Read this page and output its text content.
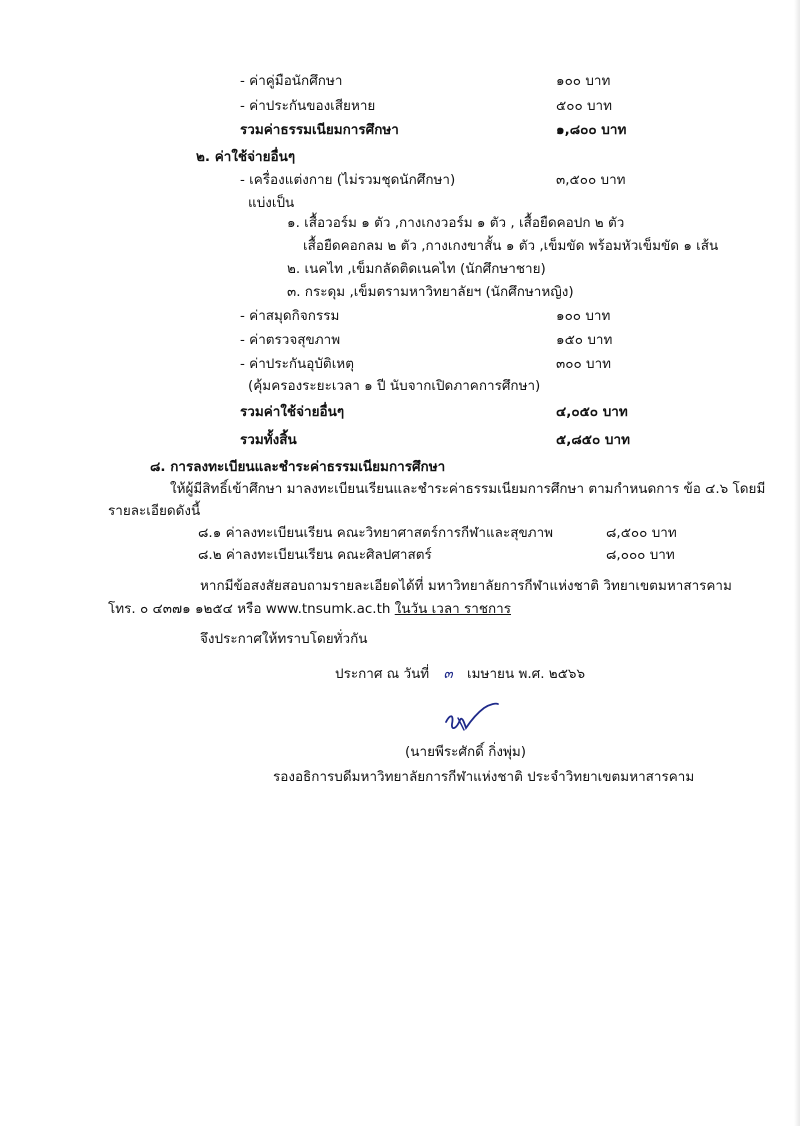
- ค่าคู่มือนักศึกษา	๑๐๐ บาท
- ค่าประกันของเสียหาย	๕๐๐ บาท
รวมค่าธรรมเนียมการศึกษา	๑,๘๐๐ บาท
๒. ค่าใช้จ่ายอื่นๆ
- เครื่องแต่งกาย (ไม่รวมชุดนักศึกษา)	๓,๕๐๐ บาท
แบ่งเป็น
๑. เสื้อวอร์ม ๑ ตัว ,กางเกงวอร์ม ๑ ตัว , เสื้อยืดคอปก ๒ ตัว
เสื้อยืดคอกลม ๒ ตัว ,กางเกงขาสั้น ๑ ตัว ,เข็มขัด พร้อมหัวเข็มขัด ๑ เส้น
๒. เนคไท ,เข็มกลัดติดเนคไท (นักศึกษาชาย)
๓. กระดุม ,เข็มตรามหาวิทยาลัยฯ (นักศึกษาหญิง)
- ค่าสมุดกิจกรรม	๑๐๐ บาท
- ค่าตรวจสุขภาพ	๑๕๐ บาท
- ค่าประกันอุบัติเหตุ	๓๐๐ บาท
(คุ้มครองระยะเวลา ๑ ปี นับจากเปิดภาคการศึกษา)
รวมค่าใช้จ่ายอื่นๆ	๔,๐๕๐ บาท
รวมทั้งสิ้น	๕,๘๕๐ บาท
๘. การลงทะเบียนและชำระค่าธรรมเนียมการศึกษา
ให้ผู้มีสิทธิ์เข้าศึกษา มาลงทะเบียนเรียนและชำระค่าธรรมเนียมการศึกษา ตามกำหนดการ ข้อ ๔.๖ โดยมี
รายละเอียดดังนี้
๘.๑ ค่าลงทะเบียนเรียน คณะวิทยาศาสตร์การกีฬาและสุขภาพ	๘,๕๐๐ บาท
๘.๒ ค่าลงทะเบียนเรียน คณะศิลปศาสตร์	๘,๐๐๐ บาท
หากมีข้อสงสัยสอบถามรายละเอียดได้ที่ มหาวิทยาลัยการกีฬาแห่งชาติ วิทยาเขตมหาสารคาม
โทร. ๐ ๔๓๗๑ ๑๒๕๔ หรือ www.tnsumk.ac.th ในวัน เวลา ราชการ
จึงประกาศให้ทราบโดยทั่วกัน
ประกาศ ณ วันที่ ๓ เมษายน พ.ศ. ๒๕๖๖
(นายพีระศักดิ์ กิ่งพุ่ม)
รองอธิการบดีมหาวิทยาลัยการกีฬาแห่งชาติ ประจำวิทยาเขตมหาสารคาม
